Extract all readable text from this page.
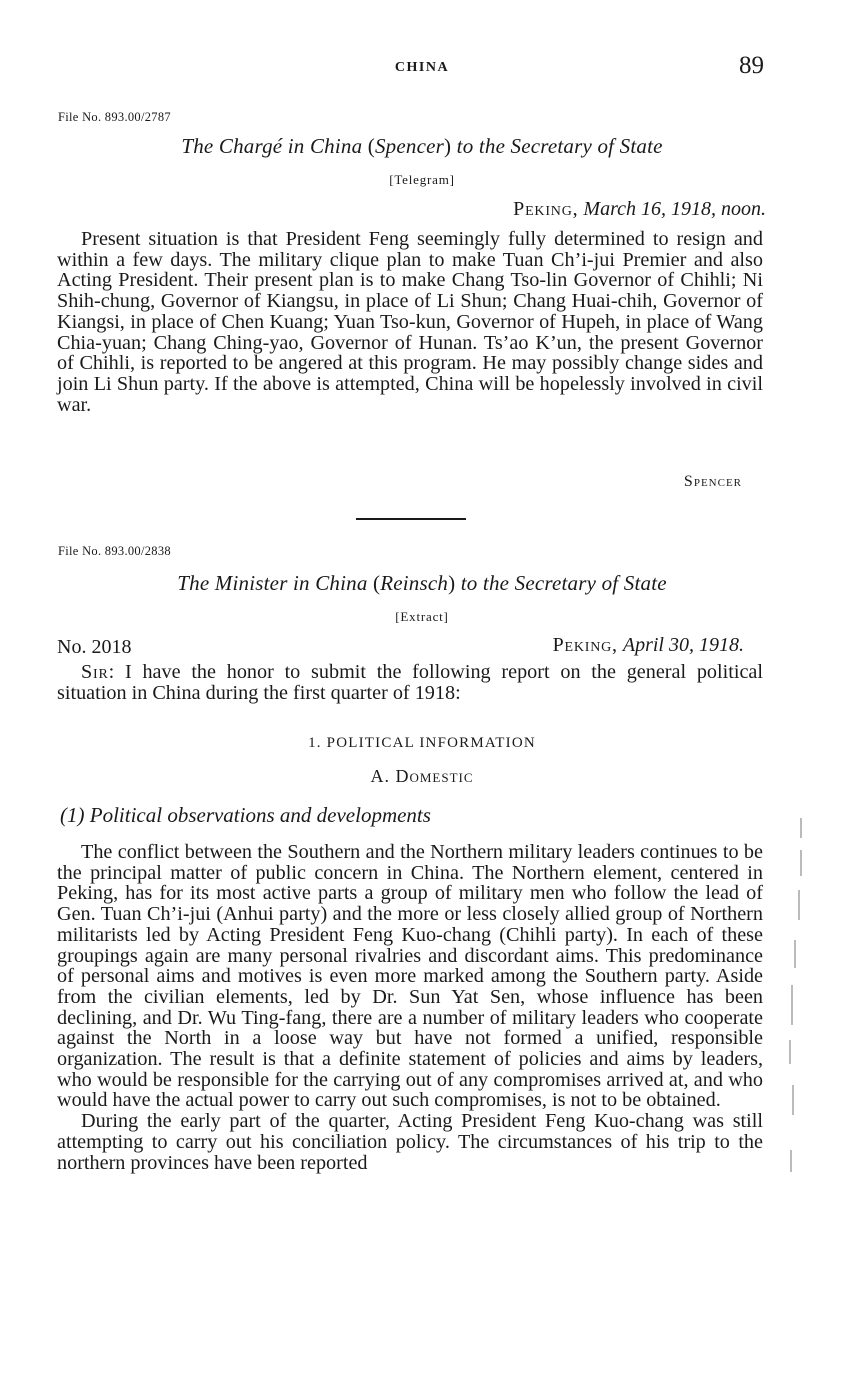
CHINA	89
File No. 893.00/2787
The Chargé in China (Spencer) to the Secretary of State
[Telegram]
Peking, March 16, 1918, noon.

Present situation is that President Feng seemingly fully determined to resign and within a few days. The military clique plan to make Tuan Ch’i-jui Premier and also Acting President. Their present plan is to make Chang Tso-lin Governor of Chihli; Ni Shih-chung, Governor of Kiangsu, in place of Li Shun; Chang Huai-chih, Governor of Kiangsi, in place of Chen Kuang; Yuan Tso-kun, Governor of Hupeh, in place of Wang Chia-yuan; Chang Ching-yao, Governor of Hunan. Ts’ao K’un, the present Governor of Chihli, is reported to be angered at this program. He may possibly change sides and join Li Shun party. If the above is attempted, China will be hopelessly involved in civil war.

Spencer
File No. 893.00/2838
The Minister in China (Reinsch) to the Secretary of State
[Extract]
No. 2018	Peking, April 30, 1918.

Sir: I have the honor to submit the following report on the general political situation in China during the first quarter of 1918:

1. POLITICAL INFORMATION
A. Domestic
(1) Political observations and developments

The conflict between the Southern and the Northern military leaders continues to be the principal matter of public concern in China. The Northern element, centered in Peking, has for its most active parts a group of military men who follow the lead of Gen. Tuan Ch’i-jui (Anhui party) and the more or less closely allied group of Northern militarists led by Acting President Feng Kuo-chang (Chihli party). In each of these groupings again are many personal rivalries and discordant aims. This predominance of personal aims and motives is even more marked among the Southern party. Aside from the civilian elements, led by Dr. Sun Yat Sen, whose influence has been declining, and Dr. Wu Ting-fang, there are a number of military leaders who cooperate against the North in a loose way but have not formed a unified, responsible organization. The result is that a definite statement of policies and aims by leaders, who would be responsible for the carrying out of any compromises arrived at, and who would have the actual power to carry out such compromises, is not to be obtained.

During the early part of the quarter, Acting President Feng Kuo-chang was still attempting to carry out his conciliation policy. The circumstances of his trip to the northern provinces have been reported
